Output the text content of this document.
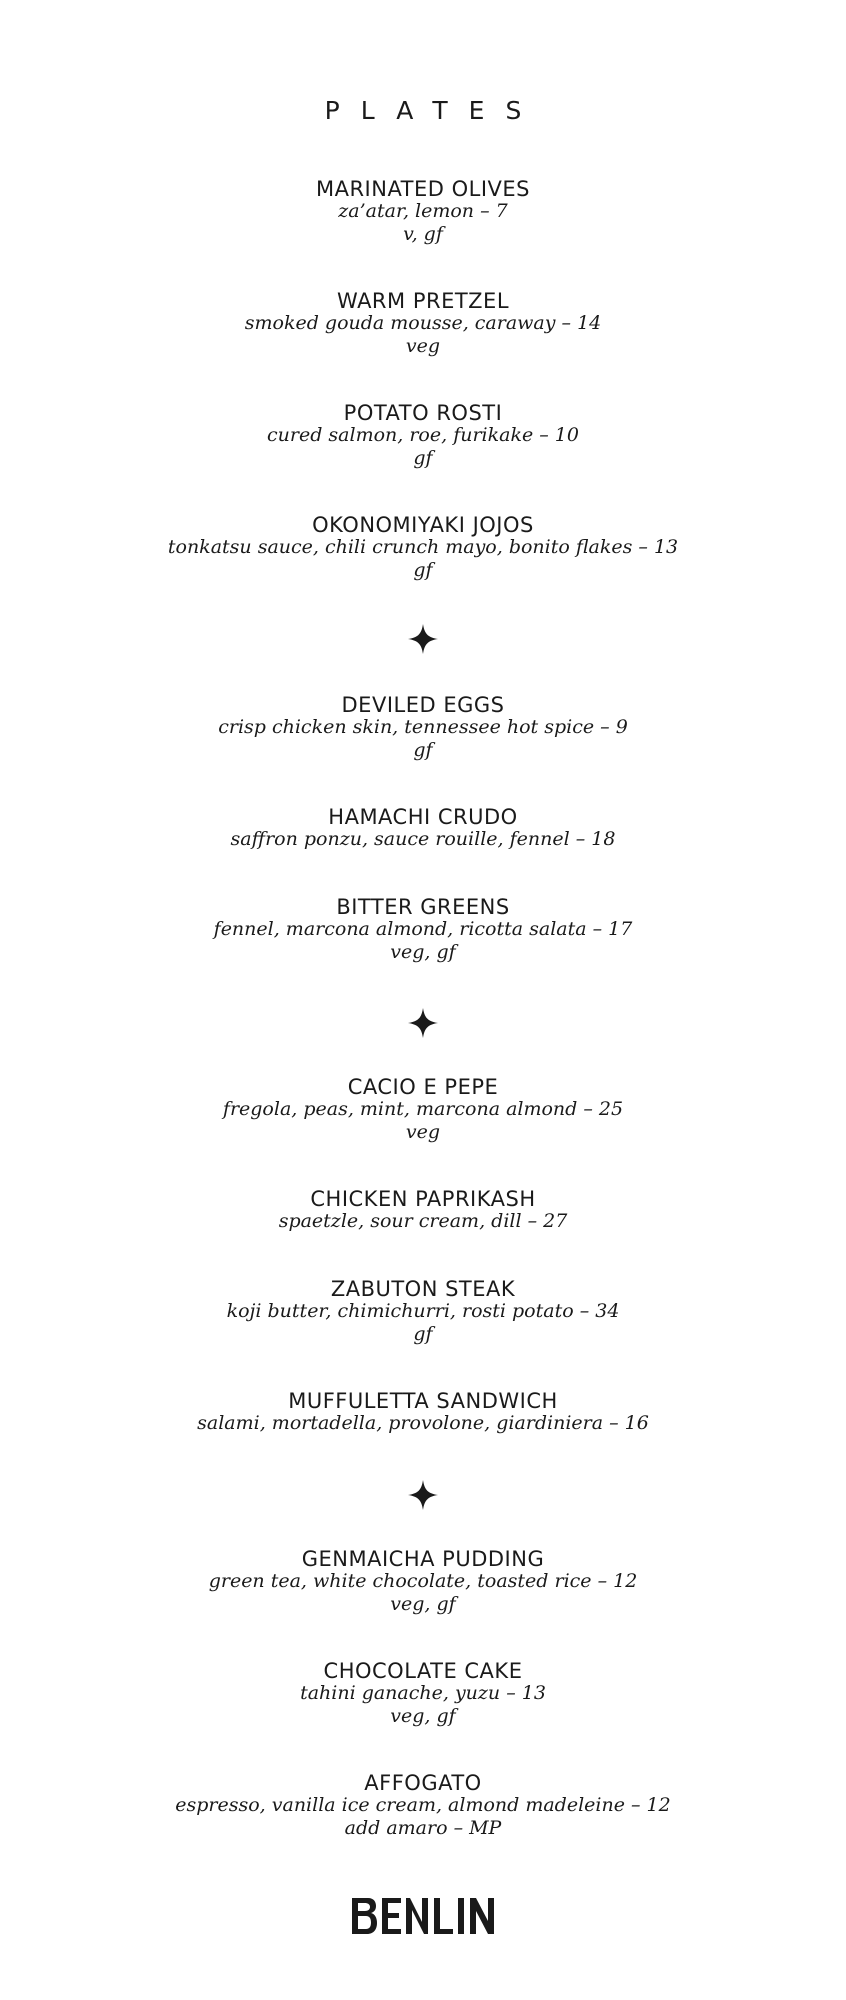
PLATES
MARINATED OLIVES
za’atar, lemon – 7
v, gf
WARM PRETZEL
smoked gouda mousse, caraway – 14
veg
POTATO ROSTI
cured salmon, roe, furikake – 10
gf
OKONOMIYAKI JOJOS
tonkatsu sauce, chili crunch mayo, bonito flakes – 13
gf
DEVILED EGGS
crisp chicken skin, tennessee hot spice – 9
gf
HAMACHI CRUDO
saffron ponzu, sauce rouille, fennel – 18
BITTER GREENS
fennel, marcona almond, ricotta salata – 17
veg, gf
CACIO E PEPE
fregola, peas, mint, marcona almond – 25
veg
CHICKEN PAPRIKASH
spaetzle, sour cream, dill – 27
ZABUTON STEAK
koji butter, chimichurri, rosti potato – 34
gf
MUFFULETTA SANDWICH
salami, mortadella, provolone, giardiniera – 16
GENMAICHA PUDDING
green tea, white chocolate, toasted rice – 12
veg, gf
CHOCOLATE CAKE
tahini ganache, yuzu – 13
veg, gf
AFFOGATO
espresso, vanilla ice cream, almond madeleine – 12
add amaro – MP
